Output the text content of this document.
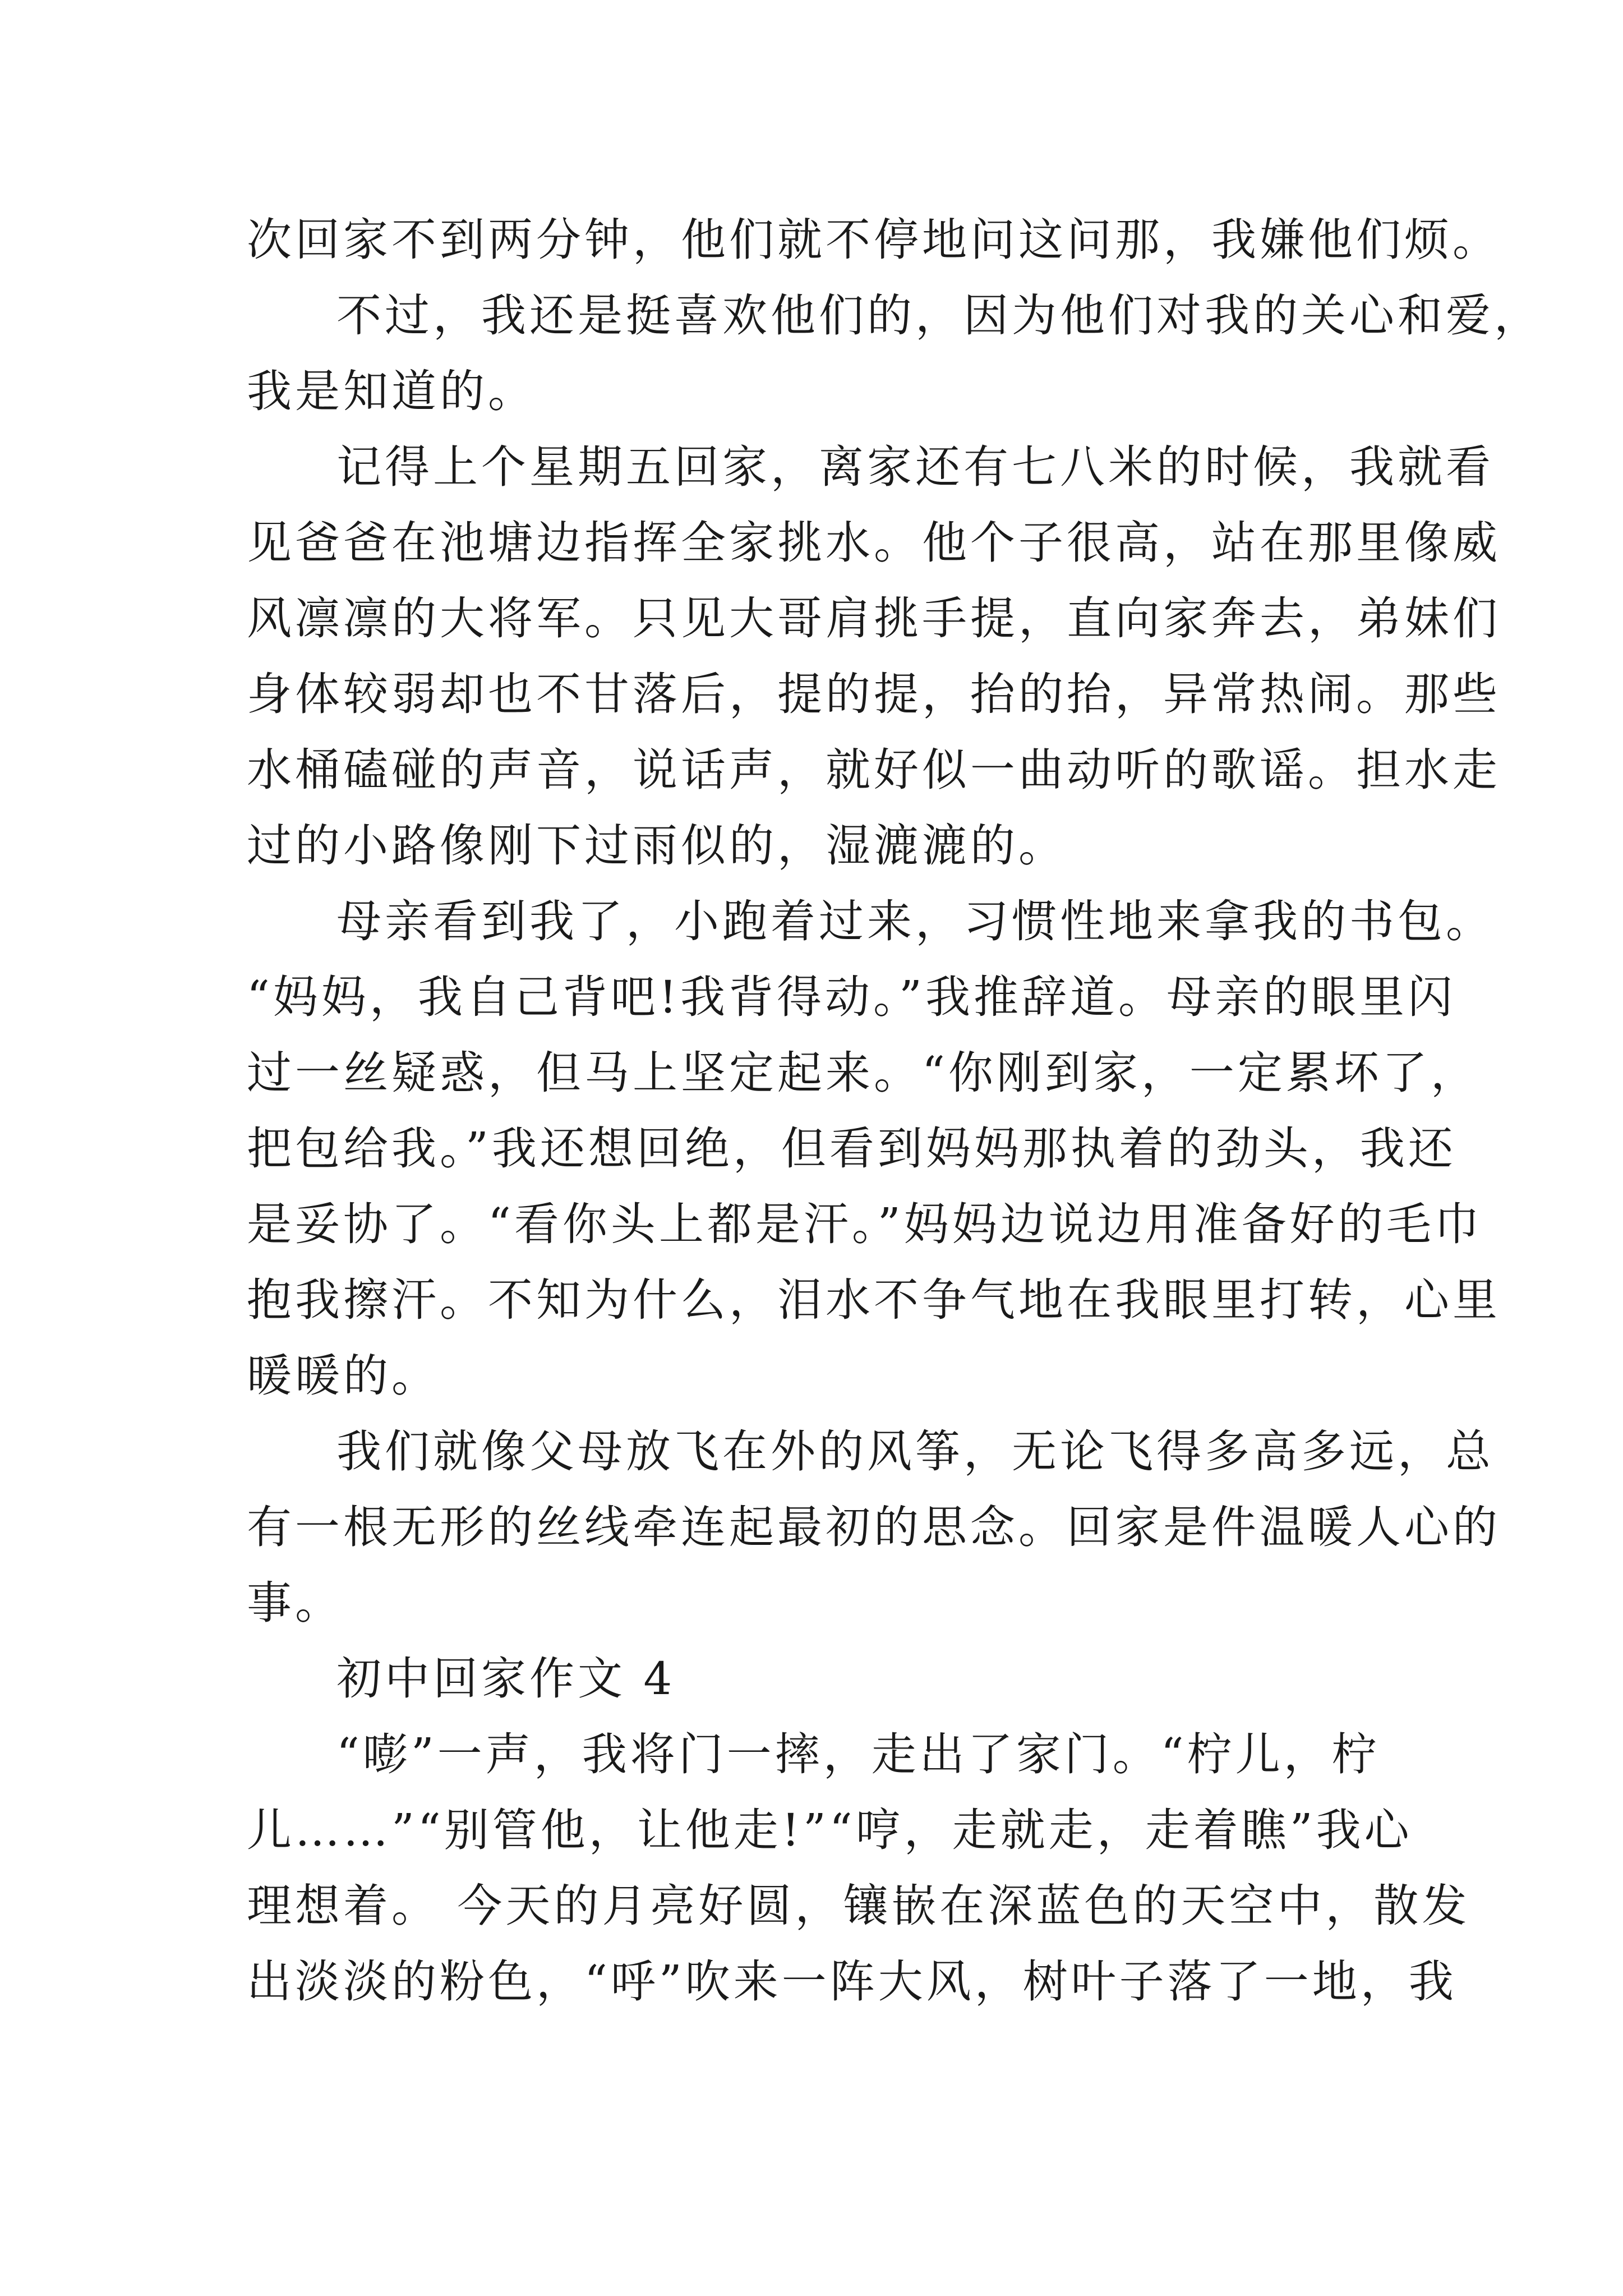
次回家不到两分钟，他们就不停地问这问那，我嫌他们烦。
不过，我还是挺喜欢他们的，因为他们对我的关心和爱，
我是知道的。
记得上个星期五回家，离家还有七八米的时候，我就看
见爸爸在池塘边指挥全家挑水。他个子很高，站在那里像威
风凛凛的大将军。只见大哥肩挑手提，直向家奔去，弟妹们
身体较弱却也不甘落后，提的提，抬的抬，异常热闹。那些
水桶磕碰的声音，说话声，就好似一曲动听的歌谣。担水走
过的小路像刚下过雨似的，湿漉漉的。
母亲看到我了，小跑着过来，习惯性地来拿我的书包。
“妈妈，我自己背吧!我背得动。”我推辞道。母亲的眼里闪
过一丝疑惑，但马上坚定起来。“你刚到家，一定累坏了，
把包给我。”我还想回绝，但看到妈妈那执着的劲头，我还
是妥协了。“看你头上都是汗。”妈妈边说边用准备好的毛巾
抱我擦汗。不知为什么，泪水不争气地在我眼里打转，心里
暖暖的。
我们就像父母放飞在外的风筝，无论飞得多高多远，总
有一根无形的丝线牵连起最初的思念。回家是件温暖人心的
事。
初中回家作文 4
“嘭”一声，我将门一摔，走出了家门。“柠儿，柠
儿……”“别管他，让他走!”“哼，走就走，走着瞧”我心
理想着。 今天的月亮好圆，镶嵌在深蓝色的天空中，散发
出淡淡的粉色，“呼”吹来一阵大风，树叶子落了一地，我
